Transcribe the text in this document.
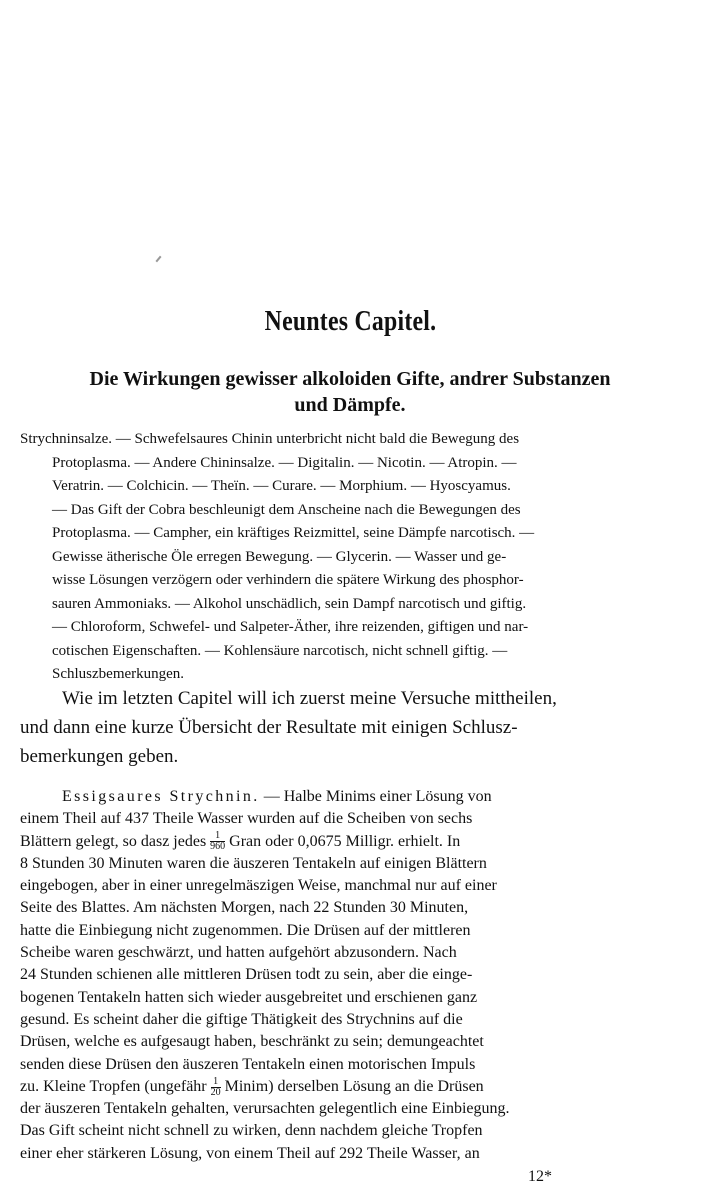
Neuntes Capitel.
Die Wirkungen gewisser alkoloiden Gifte, andrer Substanzen
und Dämpfe.
Strychninsalze. — Schwefelsaures Chinin unterbricht nicht bald die Bewegung des
Protoplasma. — Andere Chininsalze. — Digitalin. — Nicotin. — Atropin. —
Veratrin. — Colchicin. — Theïn. — Curare. — Morphium. — Hyoscyamus.
— Das Gift der Cobra beschleunigt dem Anscheine nach die Bewegungen des
Protoplasma. — Campher, ein kräftiges Reizmittel, seine Dämpfe narcotisch. —
Gewisse ätherische Öle erregen Bewegung. — Glycerin. — Wasser und ge-
wisse Lösungen verzögern oder verhindern die spätere Wirkung des phosphor-
sauren Ammoniaks. — Alkohol unschädlich, sein Dampf narcotisch und giftig.
— Chloroform, Schwefel- und Salpeter-Äther, ihre reizenden, giftigen und nar-
cotischen Eigenschaften. — Kohlensäure narcotisch, nicht schnell giftig. —
Schluszbemerkungen.
Wie im letzten Capitel will ich zuerst meine Versuche mittheilen,
und dann eine kurze Übersicht der Resultate mit einigen Schlusz-
bemerkungen geben.
Essigsaures Strychnin. — Halbe Minims einer Lösung von
einem Theil auf 437 Theile Wasser wurden auf die Scheiben von sechs
Blättern gelegt, so dasz jedes $\frac{1}{960}$ Gran oder 0,0675 Milligr. erhielt. In
8 Stunden 30 Minuten waren die äuszeren Tentakeln auf einigen Blättern
eingebogen, aber in einer unregelmäszigen Weise, manchmal nur auf einer
Seite des Blattes. Am nächsten Morgen, nach 22 Stunden 30 Minuten,
hatte die Einbiegung nicht zugenommen. Die Drüsen auf der mittleren
Scheibe waren geschwärzt, und hatten aufgehört abzusondern. Nach
24 Stunden schienen alle mittleren Drüsen todt zu sein, aber die einge-
bogenen Tentakeln hatten sich wieder ausgebreitet und erschienen ganz
gesund. Es scheint daher die giftige Thätigkeit des Strychnins auf die
Drüsen, welche es aufgesaugt haben, beschränkt zu sein; demungeachtet
senden diese Drüsen den äuszeren Tentakeln einen motorischen Impuls
zu. Kleine Tropfen (ungefähr $\frac{1}{20}$ Minim) derselben Lösung an die Drüsen
der äuszeren Tentakeln gehalten, verursachten gelegentlich eine Einbiegung.
Das Gift scheint nicht schnell zu wirken, denn nachdem gleiche Tropfen
einer eher stärkeren Lösung, von einem Theil auf 292 Theile Wasser, an
12*
